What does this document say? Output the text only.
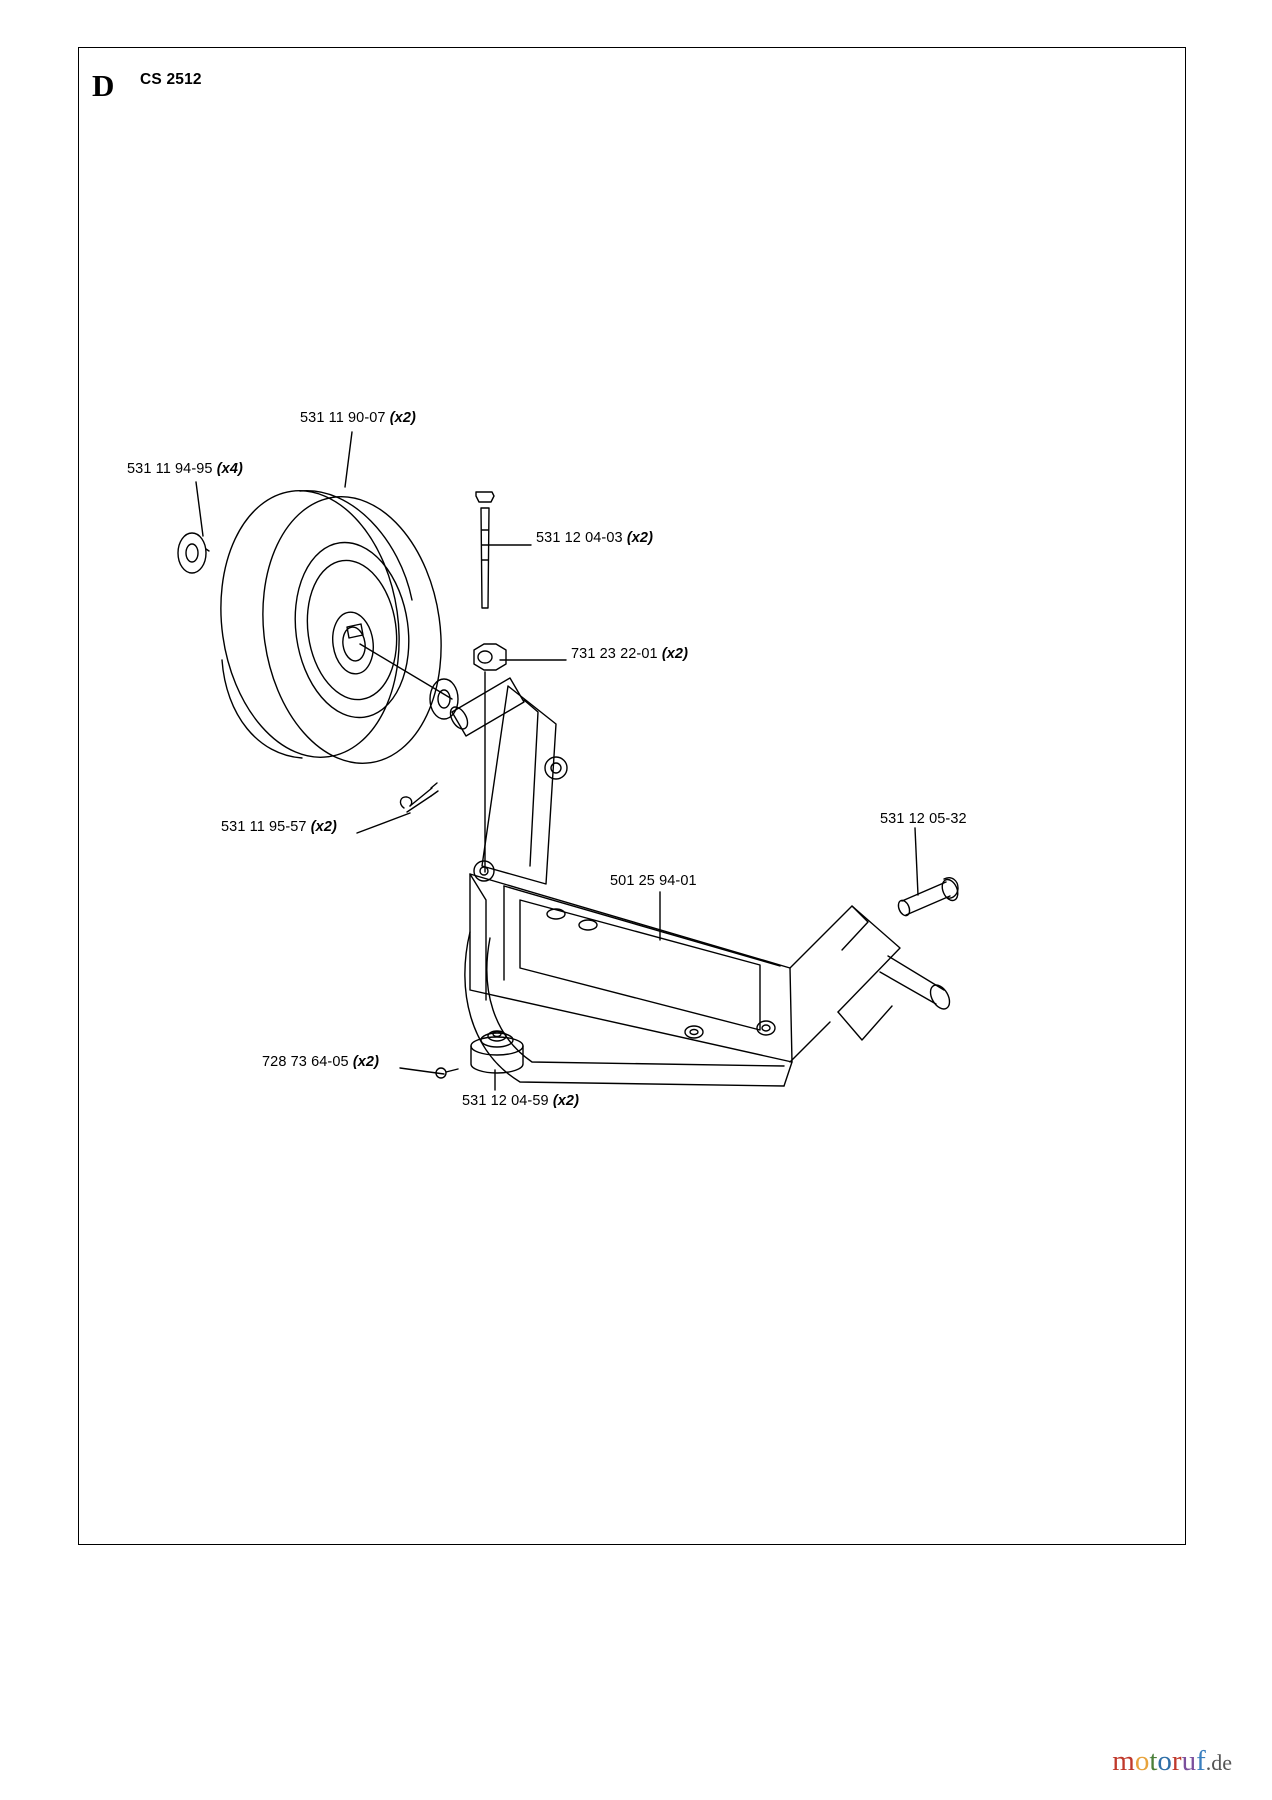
D CS 2512
531 11 90-07 (x2)
531 11 94-95 (x4)
531 12 04-03 (x2)
731 23 22-01 (x2)
531 11 95-57 (x2)
501 25 94-01
531 12 05-32
728 73 64-05 (x2)
531 12 04-59 (x2)
motoruf.de
